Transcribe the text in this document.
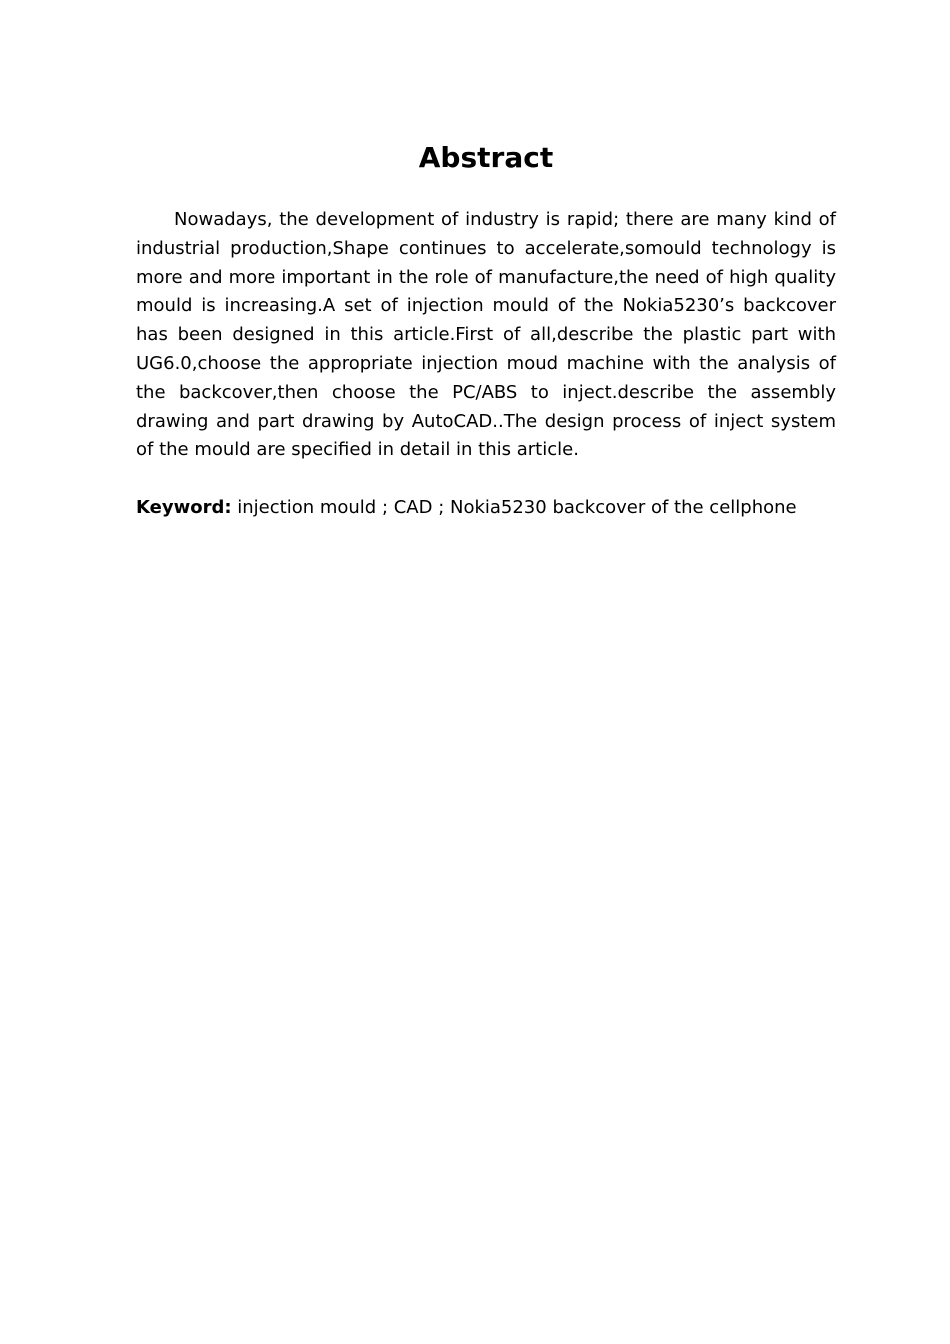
Abstract

Nowadays, the development of industry is rapid; there are many kind of industrial production,Shape continues to accelerate,somould technology is more and more important in the role of manufacture,the need of high quality mould is increasing.A set of injection mould of the Nokia5230’s backcover has been designed in this article.First of all,describe the plastic part with UG6.0,choose the appropriate injection moud machine with the analysis of the backcover,then choose the PC/ABS to inject.describe the assembly drawing and part drawing by AutoCAD..The design process of inject system of the mould are specified in detail in this article.

Keyword: injection mould ; CAD ; Nokia5230 backcover of the cellphone
